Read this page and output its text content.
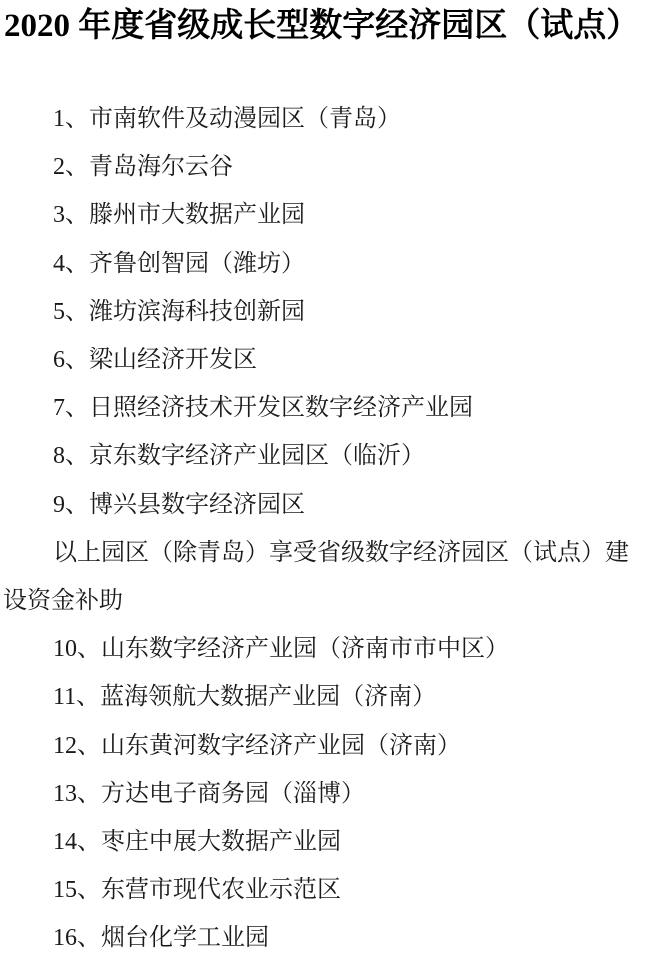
2020 年度省级成长型数字经济园区（试点）

1、市南软件及动漫园区（青岛）

2、青岛海尔云谷

3、滕州市大数据产业园

4、齐鲁创智园（潍坊）

5、潍坊滨海科技创新园

6、梁山经济开发区

7、日照经济技术开发区数字经济产业园

8、京东数字经济产业园区（临沂）

9、博兴县数字经济园区

以上园区（除青岛）享受省级数字经济园区（试点）建

设资金补助

10、山东数字经济产业园（济南市市中区）

11、蓝海领航大数据产业园（济南）

12、山东黄河数字经济产业园（济南）

13、方达电子商务园（淄博）

14、枣庄中展大数据产业园

15、东营市现代农业示范区

16、烟台化学工业园
